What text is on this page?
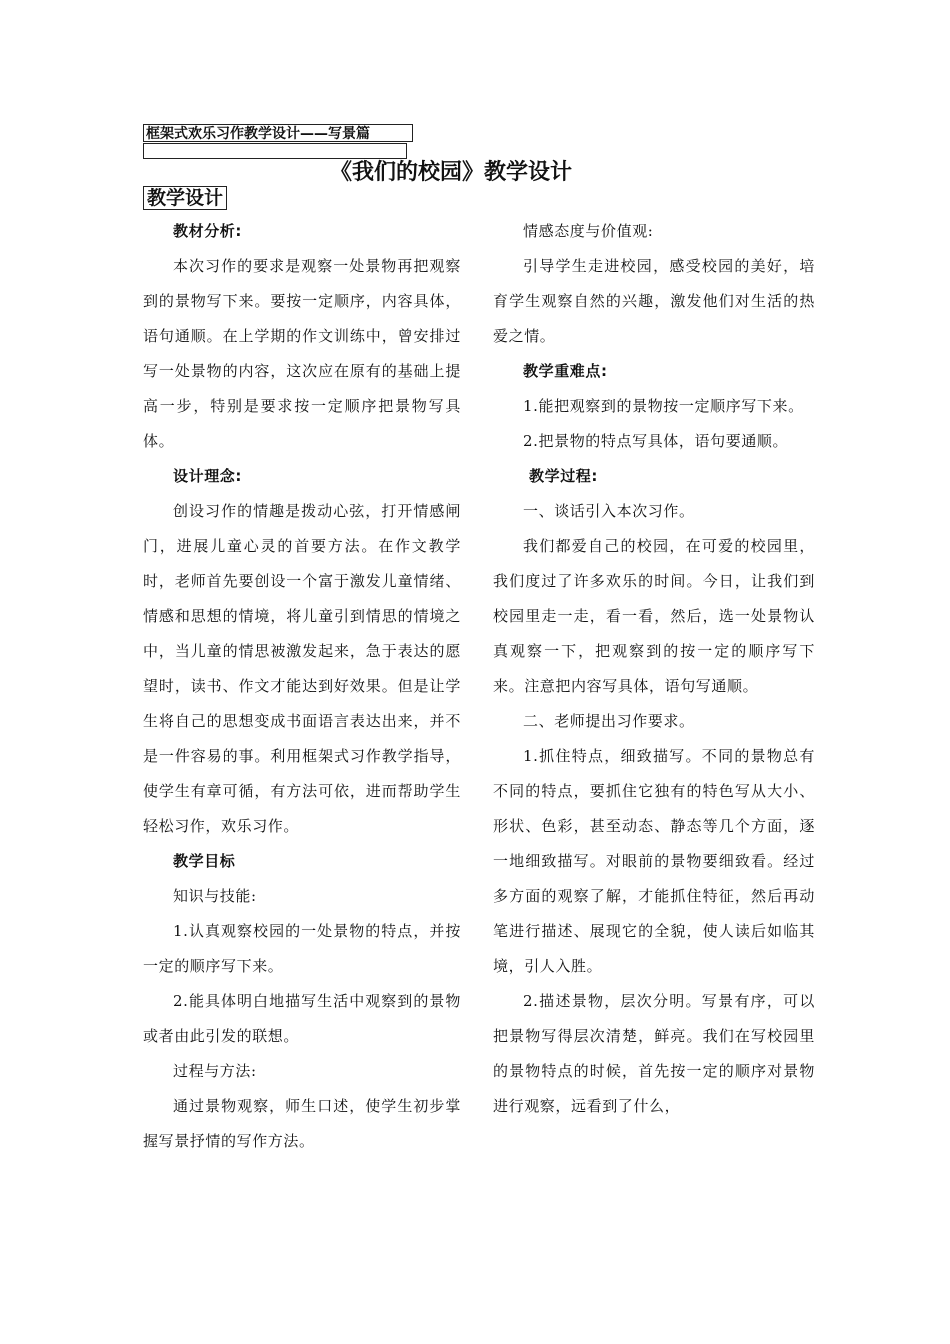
框架式欢乐习作教学设计——写景篇
《我们的校园》教学设计
教学设计

教材分析:

本次习作的要求是观察一处景物再把观察到的景物写下来。要按一定顺序，内容具体，语句通顺。在上学期的作文训练中，曾安排过写一处景物的内容，这次应在原有的基础上提高一步，特别是要求按一定顺序把景物写具体。

设计理念:

创设习作的情趣是拨动心弦，打开情感闸门，进展儿童心灵的首要方法。在作文教学时，老师首先要创设一个富于激发儿童情绪、情感和思想的情境，将儿童引到情思的情境之中，当儿童的情思被激发起来，急于表达的愿望时，读书、作文才能达到好效果。但是让学生将自己的思想变成书面语言表达出来，并不是一件容易的事。利用框架式习作教学指导，使学生有章可循，有方法可依，进而帮助学生轻松习作，欢乐习作。

教学目标

知识与技能:

1.认真观察校园的一处景物的特点，并按一定的顺序写下来。

2.能具体明白地描写生活中观察到的景物或者由此引发的联想。

过程与方法:

通过景物观察，师生口述，使学生初步掌握写景抒情的写作方法。

情感态度与价值观:

引导学生走进校园，感受校园的美好，培育学生观察自然的兴趣，激发他们对生活的热爱之情。

教学重难点:

1.能把观察到的景物按一定顺序写下来。

2.把景物的特点写具体，语句要通顺。

教学过程:

一、谈话引入本次习作。

我们都爱自己的校园，在可爱的校园里，我们度过了许多欢乐的时间。今日，让我们到校园里走一走，看一看，然后，选一处景物认真观察一下，把观察到的按一定的顺序写下来。注意把内容写具体，语句写通顺。

二、老师提出习作要求。

1.抓住特点，细致描写。不同的景物总有不同的特点，要抓住它独有的特色写从大小、形状、色彩，甚至动态、静态等几个方面，逐一地细致描写。对眼前的景物要细致看。经过多方面的观察了解，才能抓住特征，然后再动笔进行描述、展现它的全貌，使人读后如临其境，引人入胜。

2.描述景物，层次分明。写景有序，可以把景物写得层次清楚，鲜亮。我们在写校园里的景物特点的时候，首先按一定的顺序对景物进行观察，远看到了什么，
